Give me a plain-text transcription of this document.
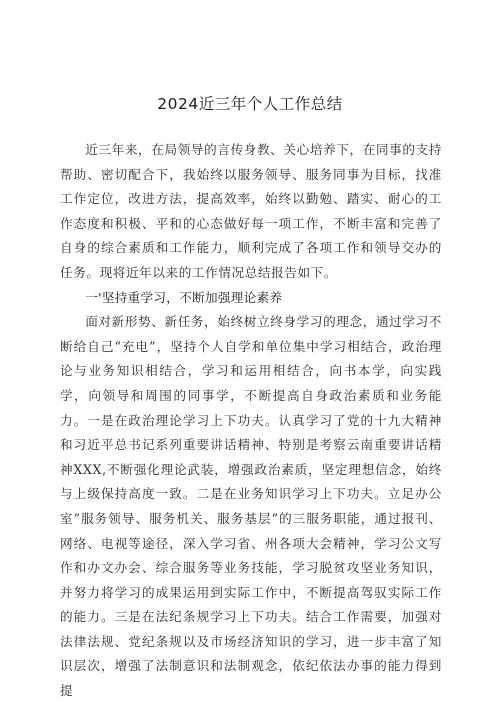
2024近三年个人工作总结

近三年来，在局领导的言传身教、关心培养下，在同事的支持帮助、密切配合下，我始终以服务领导、服务同事为目标，找准工作定位，改进方法，提高效率，始终以勤勉、踏实、耐心的工作态度和积极、平和的心态做好每一项工作，不断丰富和完善了自身的综合素质和工作能力，顺利完成了各项工作和领导交办的任务。现将近年以来的工作情况总结报告如下。

一'坚持重学习，不断加强理论素养

面对新形势、新任务，始终树立终身学习的理念，通过学习不断给自己“充电”，坚持个人自学和单位集中学习相结合，政治理论与业务知识相结合，学习和运用相结合，向书本学，向实践学，向领导和周围的同事学，不断提高自身政治素质和业务能力。一是在政治理论学习上下功夫。认真学习了党的十九大精神和习近平总书记系列重要讲话精神、特别是考察云南重要讲话精神XXX,不断强化理论武装，增强政治素质，坚定理想信念，始终与上级保持高度一致。二是在业务知识学习上下功夫。立足办公室”服务领导、服务机关、服务基层”的三服务职能，通过报刊、网络、电视等途径，深入学习省、州各项大会精神，学习公文写作和办文办会、综合服务等业务技能，学习脱贫攻坚业务知识，并努力将学习的成果运用到实际工作中，不断提高驾驭实际工作的能力。三是在法纪条规学习上下功夫。结合工作需要，加强对法律法规、党纪条规以及市场经济知识的学习，进一步丰富了知识层次，增强了法制意识和法制观念，依纪依法办事的能力得到提
